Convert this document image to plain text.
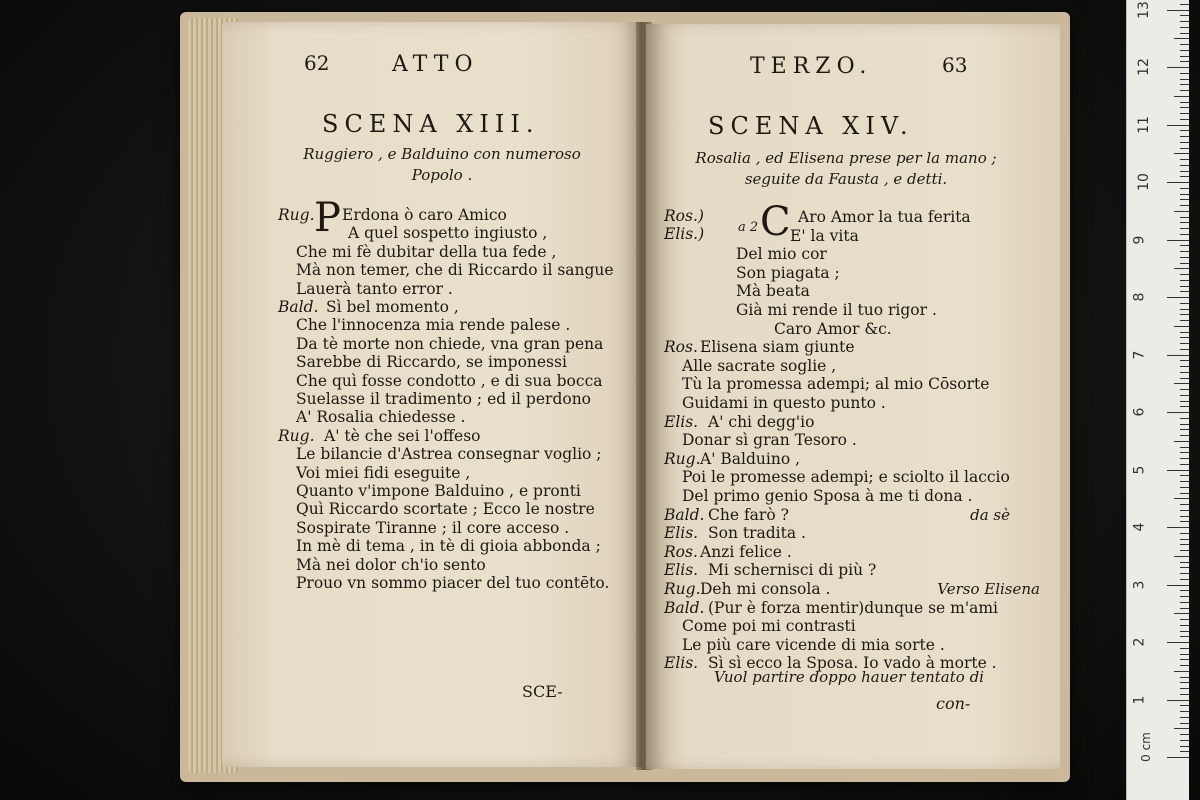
62	ATTO
SCENA XIII.
Ruggiero , e Balduino con numeroso
Popolo .
P
Rug. Erdona ò caro Amico
A quel sospetto ingiusto ,
Che mi fè dubitar della tua fede ,
Mà non temer, che di Riccardo il sangue
Lauerà tanto error .
Bald. Sì bel momento ,
Che l'innocenza mia rende palese .
Da tè morte non chiede, vna gran pena
Sarebbe di Riccardo, se imponessi
Che quì fosse condotto , e di sua bocca
Suelasse il tradimento ; ed il perdono
A' Rosalia chiedesse .
Rug. A' tè che sei l'offeso
Le bilancie d'Astrea consegnar voglio ;
Voi miei fidi eseguite ,
Quanto v'impone Balduino , e pronti
Quì Riccardo scortate ; Ecco le nostre
Sospirate Tiranne ; il core acceso .
In mè di tema , in tè di gioia abbonda ;
Mà nei dolor ch'io sento
Prouo vn sommo piacer del tuo contēto.
SCE-

TERZO.	63
SCENA XIV.
Rosalia , ed Elisena prese per la mano ;
seguite da Fausta , e detti.
Ros.)
Elis.)	a 2 C Aro Amor la tua ferita
E' la vita
Del mio cor
Son piagata ;
Mà beata
Già mi rende il tuo rigor .
Caro Amor &c.
Ros. Elisena siam giunte
Alle sacrate soglie ,
Tù la promessa adempi; al mio Cōsorte
Guidami in questo punto .
Elis. A' chi degg'io
Donar sì gran Tesoro .
Rug. A' Balduino ,
Poi le promesse adempi; e sciolto il laccio
Del primo genio Sposa à me ti dona .
Bald. Che farò ?	da sè
Elis. Son tradita .
Ros. Anzi felice .
Elis. Mi schernisci di più ?
Rug. Deh mi consola .	Verso Elisena
Bald. (Pur è forza mentir)dunque se m'ami
Come poi mi contrasti
Le più care vicende di mia sorte .
Elis. Sì sì ecco la Sposa. Io vado à morte .
Vuol partire doppo hauer tentato di
con-	1
2
3
4
5
6
7
8
9
10
11
12
13
0 cm
